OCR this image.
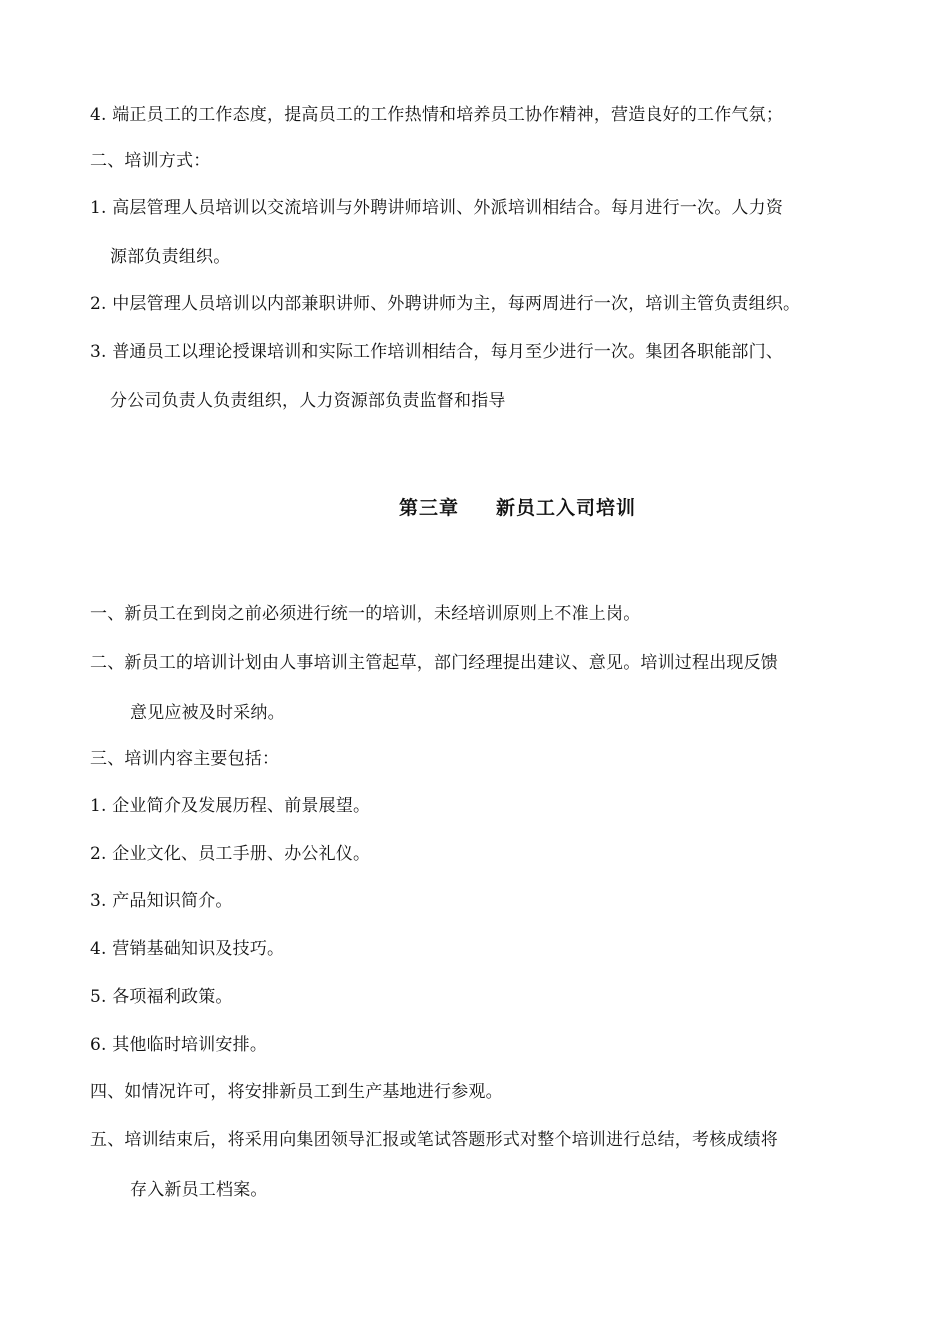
4. 端正员工的工作态度，提高员工的工作热情和培养员工协作精神，营造良好的工作气氛；
二、培训方式：
1. 高层管理人员培训以交流培训与外聘讲师培训、外派培训相结合。每月进行一次。人力资
源部负责组织。
2. 中层管理人员培训以内部兼职讲师、外聘讲师为主，每两周进行一次，培训主管负责组织。
3. 普通员工以理论授课培训和实际工作培训相结合，每月至少进行一次。集团各职能部门、
分公司负责人负责组织，人力资源部负责监督和指导
第三章 新员工入司培训
一、新员工在到岗之前必须进行统一的培训，未经培训原则上不准上岗。
二、新员工的培训计划由人事培训主管起草，部门经理提出建议、意见。培训过程出现反馈
意见应被及时采纳。
三、培训内容主要包括：
1. 企业简介及发展历程、前景展望。
2. 企业文化、员工手册、办公礼仪。
3. 产品知识简介。
4. 营销基础知识及技巧。
5. 各项福利政策。
6. 其他临时培训安排。
四、如情况许可，将安排新员工到生产基地进行参观。
五、培训结束后，将采用向集团领导汇报或笔试答题形式对整个培训进行总结，考核成绩将
存入新员工档案。
